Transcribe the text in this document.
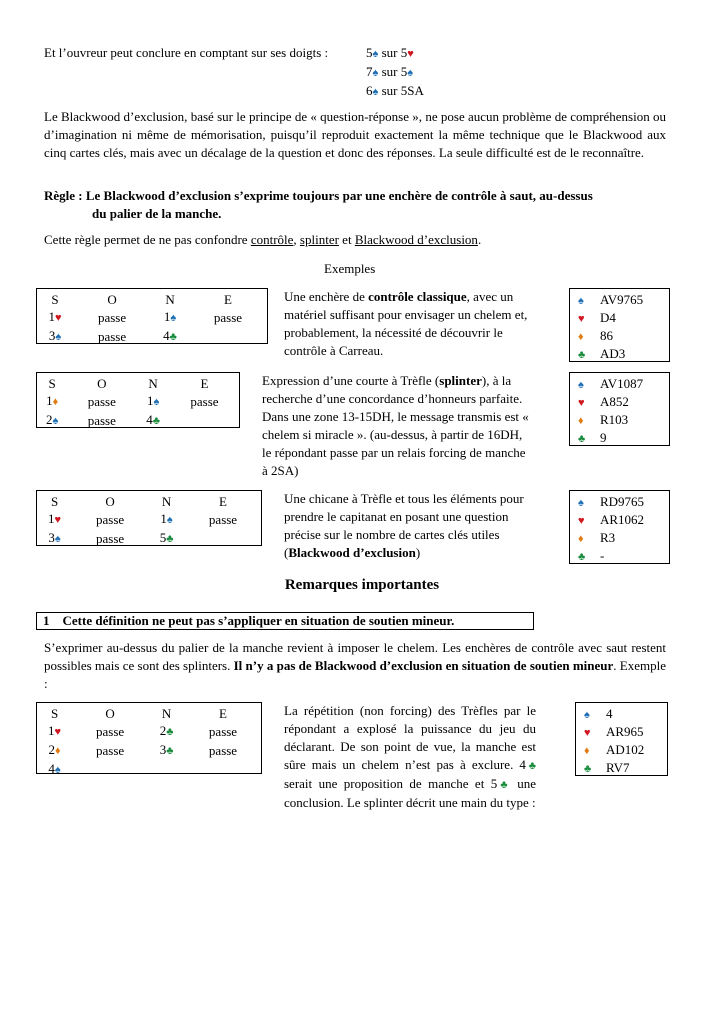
Et l’ouvreur peut conclure en comptant sur ses doigts :	5♠ sur 5♥
7♠ sur 5♠
6♠ sur 5SA
Le Blackwood d’exclusion, basé sur le principe de « question-réponse », ne pose aucun problème de compréhension ou d’imagination ni même de mémorisation, puisqu’il reproduit exactement la même technique que le Blackwood aux cinq cartes clés, mais avec un décalage de la question et donc des réponses. La seule difficulté est de le reconnaître.
Règle : Le Blackwood d’exclusion s’exprime toujours par une enchère de contrôle à saut, au-dessus
du palier de la manche.
Cette règle permet de ne pas confondre contrôle, splinter et Blackwood d’exclusion.
Exemples
S	O	N	E
1♥	passe	1♠	passe
3♠	passe	4♣	
Une enchère de contrôle classique, avec un matériel suffisant pour envisager un chelem et, probablement, la nécessité de découvrir le contrôle à Carreau.
♠ AV9765
♥ D4
♦ 86
♣ AD3
S	O	N	E
1♦	passe	1♠	passe
2♠	passe	4♣	
Expression d’une courte à Trèfle (splinter), à la recherche d’une concordance d’honneurs parfaite. Dans une zone 13-15DH, le message transmis est « chelem si miracle ». (au-dessus, à partir de 16DH, le répondant passe par un relais forcing de manche à 2SA)
♠ AV1087
♥ A852
♦ R103
♣ 9
S	O	N	E
1♥	passe	1♠	passe
3♠	passe	5♣	
Une chicane à Trèfle et tous les éléments pour prendre le capitanat en posant une question précise sur le nombre de cartes clés utiles (Blackwood d’exclusion)
♠ RD9765
♥ AR1062
♦ R3
♣ -
Remarques importantes
1 Cette définition ne peut pas s’appliquer en situation de soutien mineur.
S’exprimer au-dessus du palier de la manche revient à imposer le chelem. Les enchères de contrôle avec saut restent possibles mais ce sont des splinters. Il n’y a pas de Blackwood d’exclusion en situation de soutien mineur. Exemple :
S	O	N	E
1♥	passe	2♣	passe
2♦	passe	3♣	passe
4♠			
La répétition (non forcing) des Trèfles par le répondant a explosé la puissance du jeu du déclarant. De son point de vue, la manche est sûre mais un chelem n’est pas à exclure. 4♣ serait une proposition de manche et 5♣ une conclusion. Le splinter décrit une main du type :
♠ 4
♥ AR965
♦ AD102
♣ RV7
